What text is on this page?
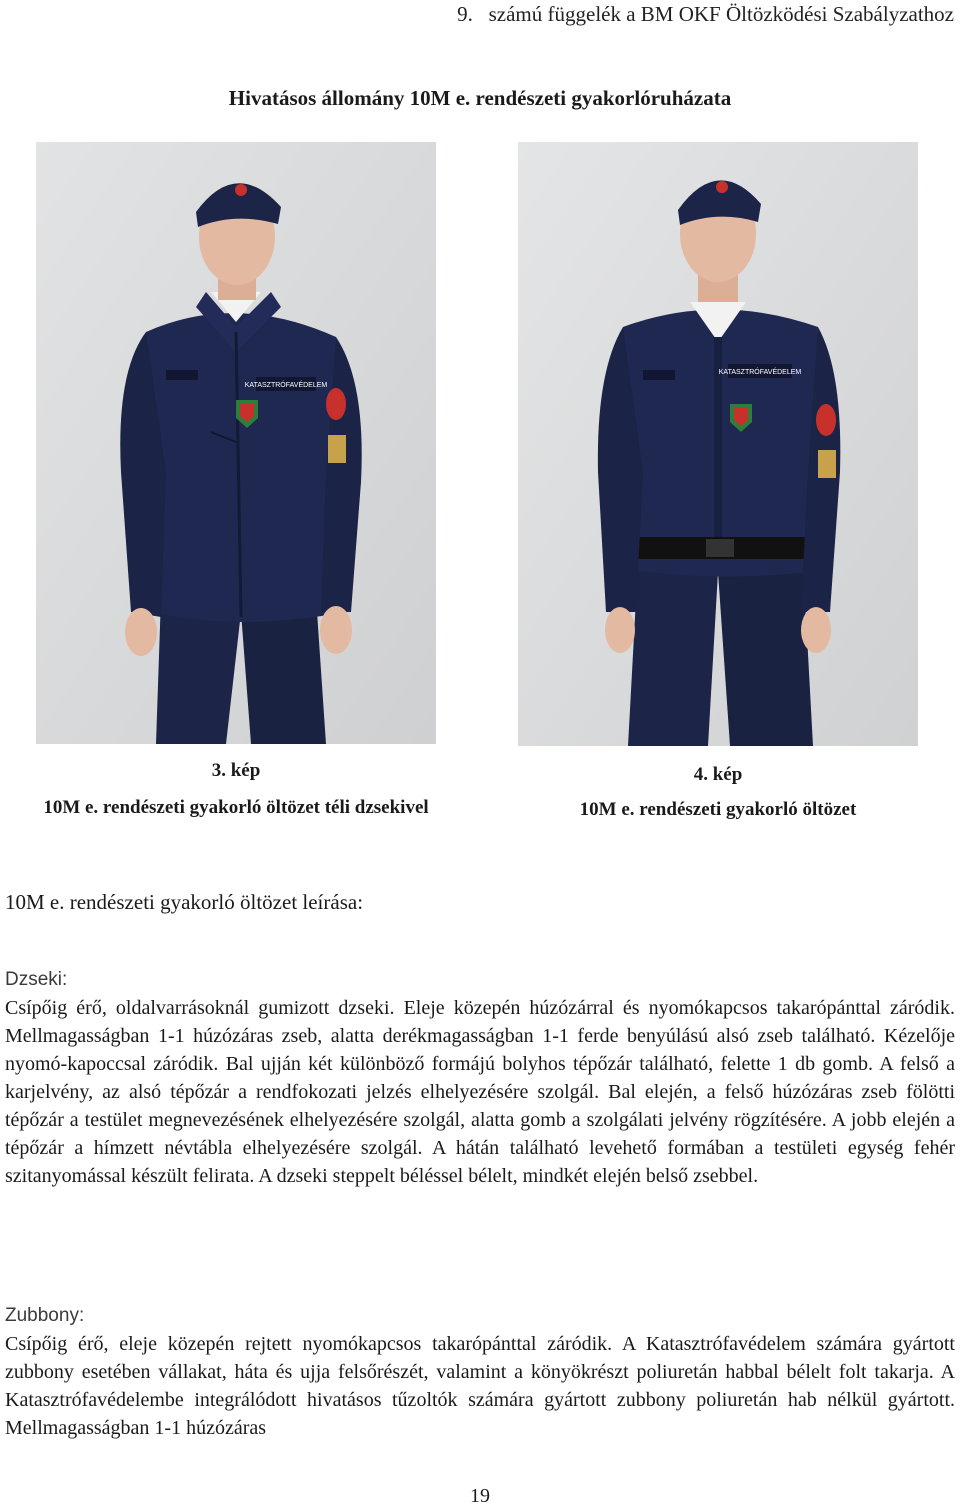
9.   számú függelék a BM OKF Öltözködési Szabályzathoz
Hivatásos állomány 10M e. rendészeti gyakorlóruházata
KATASZTRÓFAVÉDELEM
KATASZTRÓFAVÉDELEM
3. kép
10M e. rendészeti gyakorló öltözet téli dzsekivel
4. kép
10M e. rendészeti gyakorló öltözet
10M e. rendészeti gyakorló öltözet leírása:
Dzseki:
Csípőig érő, oldalvarrásoknál gumizott dzseki. Eleje közepén húzózárral és nyomókapcsos takarópánttal záródik. Mellmagasságban 1-1 húzózáras zseb, alatta derékmagasságban 1-1 ferde benyúlású alsó zseb található. Kézelője nyomó-kapoccsal záródik. Bal ujján két különböző formájú bolyhos tépőzár található, felette 1 db gomb. A felső a karjelvény, az alsó tépőzár a rendfokozati jelzés elhelyezésére szolgál. Bal elején, a felső húzózáras zseb fölötti tépőzár a testület megnevezésének elhelyezésére szolgál, alatta gomb a szolgálati jelvény rögzítésére. A jobb elején a tépőzár a hímzett névtábla elhelyezésére szolgál. A hátán található levehető formában a testületi egység fehér szitanyomással készült felirata. A dzseki steppelt béléssel bélelt, mindkét elején belső zsebbel.
Zubbony:
Csípőig érő, eleje közepén rejtett nyomókapcsos takarópánttal záródik. A Katasztrófavédelem számára gyártott zubbony esetében vállakat, háta és ujja felsőrészét, valamint a könyökrészt poliuretán habbal bélelt folt takarja. A Katasztrófavédelembe integrálódott hivatásos tűzoltók számára gyártott zubbony poliuretán hab nélkül gyártott. Mellmagasságban 1-1 húzózáras
19
